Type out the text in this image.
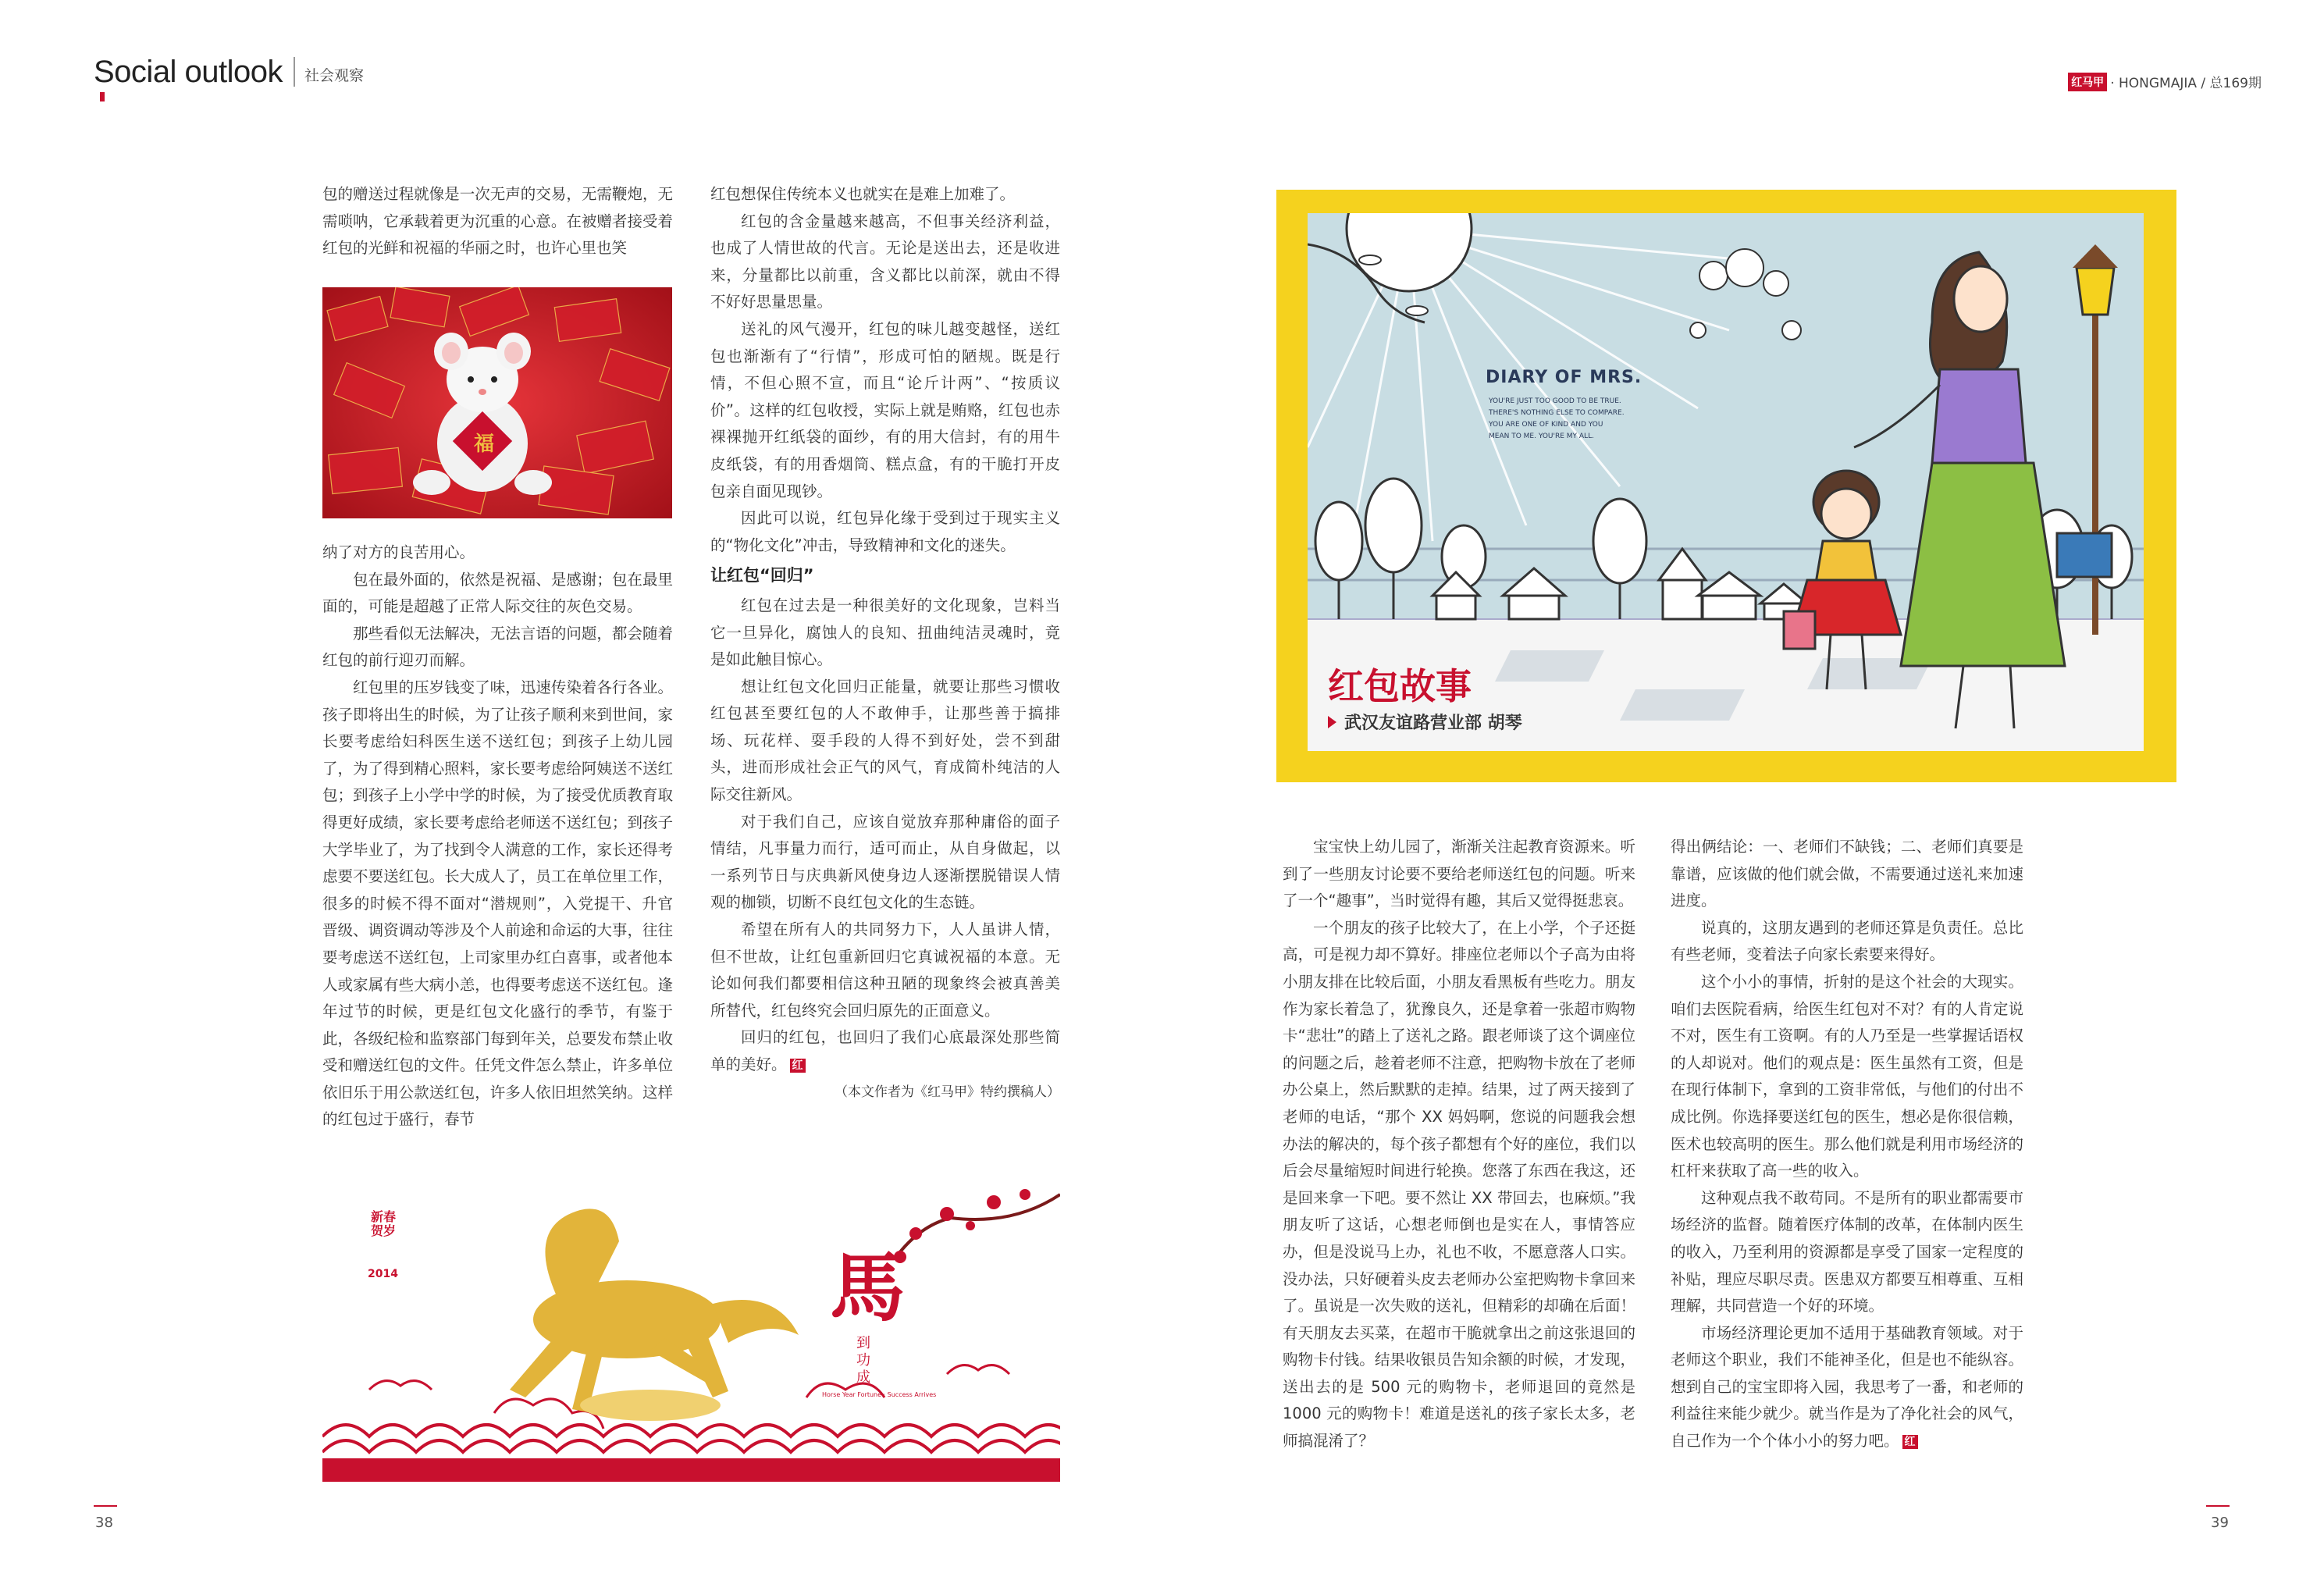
Social outlook 社会观察	红马甲 · HONGMAJIA / 总169期

包的赠送过程就像是一次无声的交易，无需鞭炮，无需唢呐，它承载着更为沉重的心意。在被赠者接受着红包的光鲜和祝福的华丽之时，也许心里也笑

福

纳了对方的良苦用心。

包在最外面的，依然是祝福、是感谢；包在最里面的，可能是超越了正常人际交往的灰色交易。

那些看似无法解决，无法言语的问题，都会随着红包的前行迎刃而解。

红包里的压岁钱变了味，迅速传染着各行各业。孩子即将出生的时候，为了让孩子顺利来到世间，家长要考虑给妇科医生送不送红包；到孩子上幼儿园了，为了得到精心照料，家长要考虑给阿姨送不送红包；到孩子上小学中学的时候，为了接受优质教育取得更好成绩，家长要考虑给老师送不送红包；到孩子大学毕业了，为了找到令人满意的工作，家长还得考虑要不要送红包。长大成人了，员工在单位里工作，很多的时候不得不面对“潜规则”，入党提干、升官晋级、调资调动等涉及个人前途和命运的大事，往往要考虑送不送红包，上司家里办红白喜事，或者他本人或家属有些大病小恙，也得要考虑送不送红包。逢年过节的时候，更是红包文化盛行的季节，有鉴于此，各级纪检和监察部门每到年关，总要发布禁止收受和赠送红包的文件。任凭文件怎么禁止，许多单位依旧乐于用公款送红包，许多人依旧坦然笑纳。这样的红包过于盛行，春节

红包想保住传统本义也就实在是难上加难了。

红包的含金量越来越高，不但事关经济利益，也成了人情世故的代言。无论是送出去，还是收进来，分量都比以前重，含义都比以前深，就由不得不好好思量思量。

送礼的风气漫开，红包的味儿越变越怪，送红包也渐渐有了“行情”，形成可怕的陋规。既是行情，不但心照不宣，而且“论斤计两”、“按质议价”。这样的红包收授，实际上就是贿赂，红包也赤裸裸抛开红纸袋的面纱，有的用大信封，有的用牛皮纸袋，有的用香烟筒、糕点盒，有的干脆打开皮包亲自面见现钞。

因此可以说，红包异化缘于受到过于现实主义的“物化文化”冲击，导致精神和文化的迷失。

让红包“回归”

红包在过去是一种很美好的文化现象，岂料当它一旦异化，腐蚀人的良知、扭曲纯洁灵魂时，竟是如此触目惊心。

想让红包文化回归正能量，就要让那些习惯收红包甚至要红包的人不敢伸手，让那些善于搞排场、玩花样、耍手段的人得不到好处，尝不到甜头，进而形成社会正气的风气，育成简朴纯洁的人际交往新风。

对于我们自己，应该自觉放弃那种庸俗的面子情结，凡事量力而行，适可而止，从自身做起，以一系列节日与庆典新风使身边人逐渐摆脱错误人情观的枷锁，切断不良红包文化的生态链。

希望在所有人的共同努力下，人人虽讲人情，但不世故，让红包重新回归它真诚祝福的本意。无论如何我们都要相信这种丑陋的现象终会被真善美所替代，红包终究会回归原先的正面意义。

回归的红包，也回归了我们心底最深处那些简单的美好。 红

（本文作者为《红马甲》特约撰稿人）

新春贺岁
2014	馬
到功成
Horse Year Fortune · Success Arrives
DIARY OF MRS.
YOU'RE JUST TOO GOOD TO BE TRUE.
THERE'S NOTHING ELSE TO COMPARE.
YOU ARE ONE OF KIND AND YOU
MEAN TO ME. YOU'RE MY ALL.
红包故事
武汉友谊路营业部 胡琴

宝宝快上幼儿园了，渐渐关注起教育资源来。听到了一些朋友讨论要不要给老师送红包的问题。听来了一个“趣事”，当时觉得有趣，其后又觉得挺悲哀。

一个朋友的孩子比较大了，在上小学，个子还挺高，可是视力却不算好。排座位老师以个子高为由将小朋友排在比较后面，小朋友看黑板有些吃力。朋友作为家长着急了，犹豫良久，还是拿着一张超市购物卡“悲壮”的踏上了送礼之路。跟老师谈了这个调座位的问题之后，趁着老师不注意，把购物卡放在了老师办公桌上，然后默默的走掉。结果，过了两天接到了老师的电话，“那个 XX 妈妈啊，您说的问题我会想办法的解决的，每个孩子都想有个好的座位，我们以后会尽量缩短时间进行轮换。您落了东西在我这，还是回来拿一下吧。要不然让 XX 带回去，也麻烦。”我朋友听了这话，心想老师倒也是实在人，事情答应办，但是没说马上办，礼也不收，不愿意落人口实。没办法，只好硬着头皮去老师办公室把购物卡拿回来了。虽说是一次失败的送礼，但精彩的却确在后面！有天朋友去买菜，在超市干脆就拿出之前这张退回的购物卡付钱。结果收银员告知余额的时候，才发现，送出去的是 500 元的购物卡，老师退回的竟然是 1000 元的购物卡！难道是送礼的孩子家长太多，老师搞混淆了？

得出俩结论：一、老师们不缺钱；二、老师们真要是靠谱，应该做的他们就会做，不需要通过送礼来加速进度。

说真的，这朋友遇到的老师还算是负责任。总比有些老师，变着法子向家长索要来得好。

这个小小的事情，折射的是这个社会的大现实。咱们去医院看病，给医生红包对不对？有的人肯定说不对，医生有工资啊。有的人乃至是一些掌握话语权的人却说对。他们的观点是：医生虽然有工资，但是在现行体制下，拿到的工资非常低，与他们的付出不成比例。你选择要送红包的医生，想必是你很信赖，医术也较高明的医生。那么他们就是利用市场经济的杠杆来获取了高一些的收入。

这种观点我不敢苟同。不是所有的职业都需要市场经济的监督。随着医疗体制的改革，在体制内医生的收入，乃至利用的资源都是享受了国家一定程度的补贴，理应尽职尽责。医患双方都要互相尊重、互相理解，共同营造一个好的环境。

市场经济理论更加不适用于基础教育领域。对于老师这个职业，我们不能神圣化，但是也不能纵容。想到自己的宝宝即将入园，我思考了一番，和老师的利益往来能少就少。就当作是为了净化社会的风气，自己作为一个个体小小的努力吧。 红

38	39
